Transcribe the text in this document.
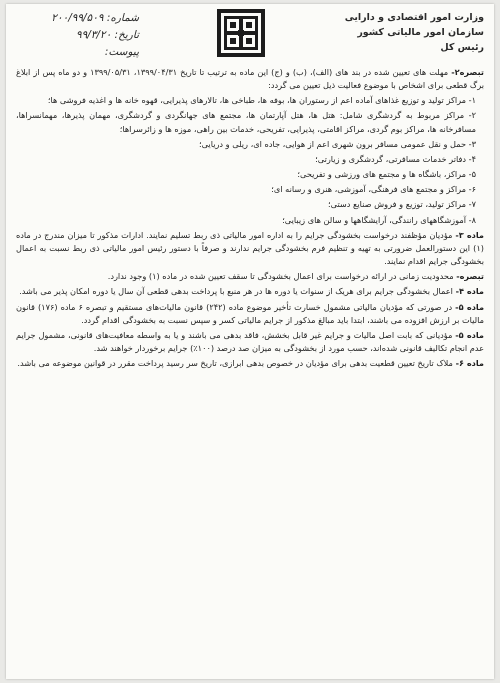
وزارت امور اقتصادی و دارایی
سازمان امور مالیاتی کشور
رئیس کل
شماره: ۲۰۰/۹۹/۵۰۹
تاریخ: ۹۹/۳/۲۰
پیوست:

تبصره۲- مهلت های تعیین شده در بند های (الف)، (ب) و (ج) این ماده به ترتیب تا تاریخ ۱۳۹۹/۰۴/۳۱، ۱۳۹۹/۰۵/۳۱ و دو ماه پس از ابلاغ برگ قطعی برای اشخاص با موضوع فعالیت ذیل تعیین می گردد:

۱- مراکز تولید و توزیع غذاهای آماده اعم از رستوران ها، بوفه ها، طباخی ها، تالارهای پذیرایی، قهوه خانه ها و اغذیه فروشی ها؛

۲- مراکز مربوط به گردشگری شامل: هتل ها، هتل آپارتمان ها، مجتمع های جهانگردی و گردشگری، مهمان پذیرها، مهمانسراها، مسافرخانه ها، مراکز بوم گردی، مراکز اقامتی، پذیرایی، تفریحی، خدمات بین راهی، موزه ها و زائرسراها؛

۳- حمل و نقل عمومی مسافر برون شهری اعم از هوایی، جاده ای، ریلی و دریایی؛

۴- دفاتر خدمات مسافرتی، گردشگری و زیارتی؛

۵- مراکز، باشگاه ها و مجتمع های ورزشی و تفریحی؛

۶- مراکز و مجتمع های فرهنگی، آموزشی، هنری و رسانه ای؛

۷- مراکز تولید، توزیع و فروش صنایع دستی؛

۸- آموزشگاههای رانندگی، آرایشگاهها و سالن های زیبایی؛

ماده ۳- مؤدیان مؤظفند درخواست بخشودگی جرایم را به اداره امور مالیاتی ذی ربط تسلیم نمایند. ادارات مذکور تا میزان مندرج در ماده (۱) این دستورالعمل ضرورتی به تهیه و تنظیم فرم بخشودگی جرایم ندارند و صرفاً با دستور رئیس امور مالیاتی ذی ربط نسبت به اعمال بخشودگی جرایم اقدام نمایند.

تبصره- محدودیت زمانی در ارائه درخواست برای اعمال بخشودگی تا سقف تعیین شده در ماده (۱) وجود ندارد.

ماده ۴- اعمال بخشودگی جرایم برای هریک از سنوات یا دوره ها در هر منبع با پرداخت بدهی قطعی آن سال یا دوره امکان پذیر می باشد.

ماده ۵- در صورتی که مؤدیان مالیاتی مشمول خسارت تأخیر موضوع ماده (۲۴۲) قانون مالیات‌های مستقیم و تبصره ۶ ماده (۱۷۶) قانون مالیات بر ارزش افزوده می باشند، ابتدا باید مبالغ مذکور از جرایم مالیاتی کسر و سپس نسبت به بخشودگی اقدام گردد.

ماده ۵- مؤدیانی که بابت اصل مالیات و جرایم غیر قابل بخشش، فاقد بدهی می باشند و یا به واسطه معافیت‌های قانونی، مشمول جرایم عدم انجام تکالیف قانونی شده‌اند، حسب مورد از بخشودگی به میزان صد درصد (۱۰۰٪) جرایم برخوردار خواهند شد.

ماده ۶- ملاک تاریخ تعیین قطعیت بدهی برای مؤدیان در خصوص بدهی ابرازی، تاریخ سر رسید پرداخت مقرر در قوانین موضوعه می باشد.
